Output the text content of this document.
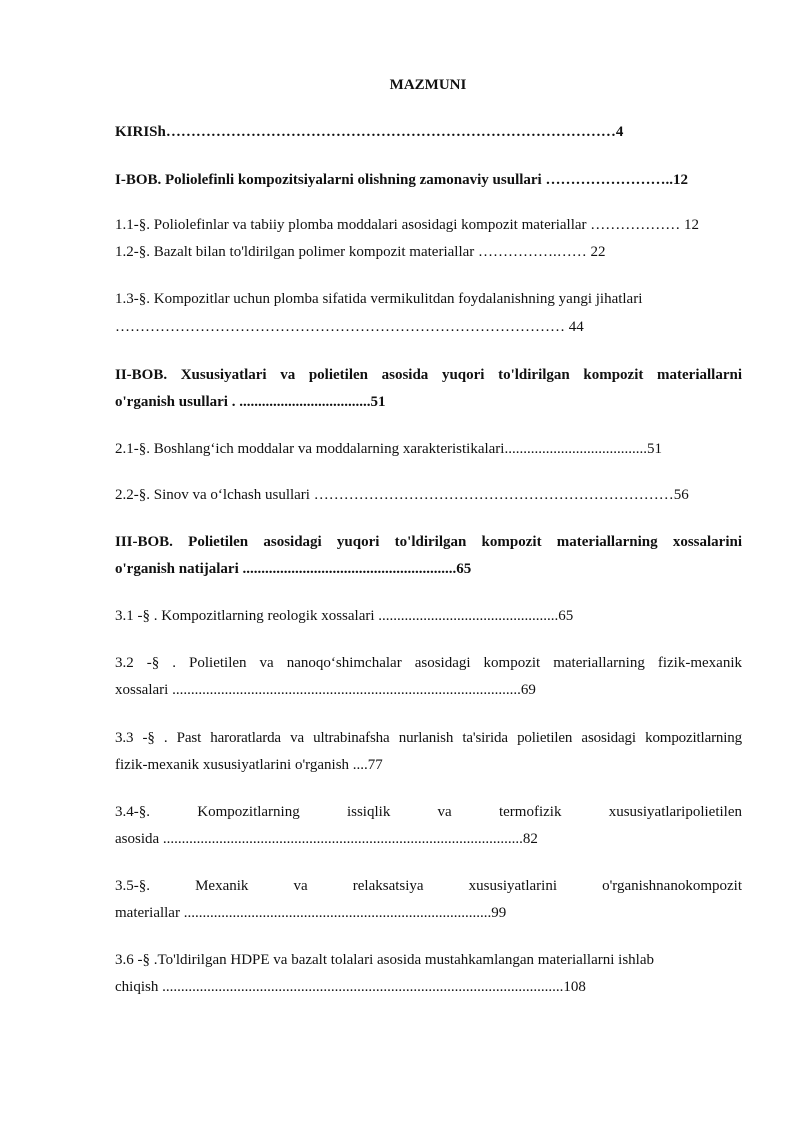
MAZMUNI

KIRISh………………………………………………………………………………4

I-BOB. Poliolefinli kompozitsiyalarni olishning zamonaviy usullari ……………………..12

1.1-§. Poliolefinlar va tabiiy plomba moddalari asosidagi kompozit materiallar ……………… 12

1.2-§. Bazalt bilan to'ldirilgan polimer kompozit materiallar …………….…… 22

1.3-§. Kompozitlar uchun plomba sifatida vermikulitdan foydalanishning yangi jihatlari

……………………………………………………………………………… 44

II-BOB. Xususiyatlari va polietilen asosida yuqori to'ldirilgan kompozit materiallarni

o'rganish usullari . ...................................51

2.1-§. Boshlang‘ich moddalar va moddalarning xarakteristikalari......................................51

2.2-§. Sinov va o‘lchash usullari ………………………………………………………………56

III-BOB. Polietilen asosidagi yuqori to'ldirilgan kompozit materiallarning xossalarini

o'rganish natijalari .........................................................65

3.1 -§ . Kompozitlarning reologik xossalari ................................................65

3.2 -§ . Polietilen va nanoqo‘shimchalar asosidagi kompozit materiallarning fizik-mexanik

xossalari .............................................................................................69

3.3 -§ . Past haroratlarda va ultrabinafsha nurlanish ta'sirida polietilen asosidagi kompozitlarning

fizik-mexanik xususiyatlarini o'rganish ....77

3.4-§. Kompozitlarning issiqlik va termofizik xususiyatlaripolietilen

asosida ................................................................................................82

3.5-§. Mexanik va relaksatsiya xususiyatlarini o'rganishnanokompozit

materiallar ..................................................................................99

3.6 -§ .To'ldirilgan HDPE va bazalt tolalari asosida mustahkamlangan materiallarni ishlab

chiqish ...........................................................................................................108
